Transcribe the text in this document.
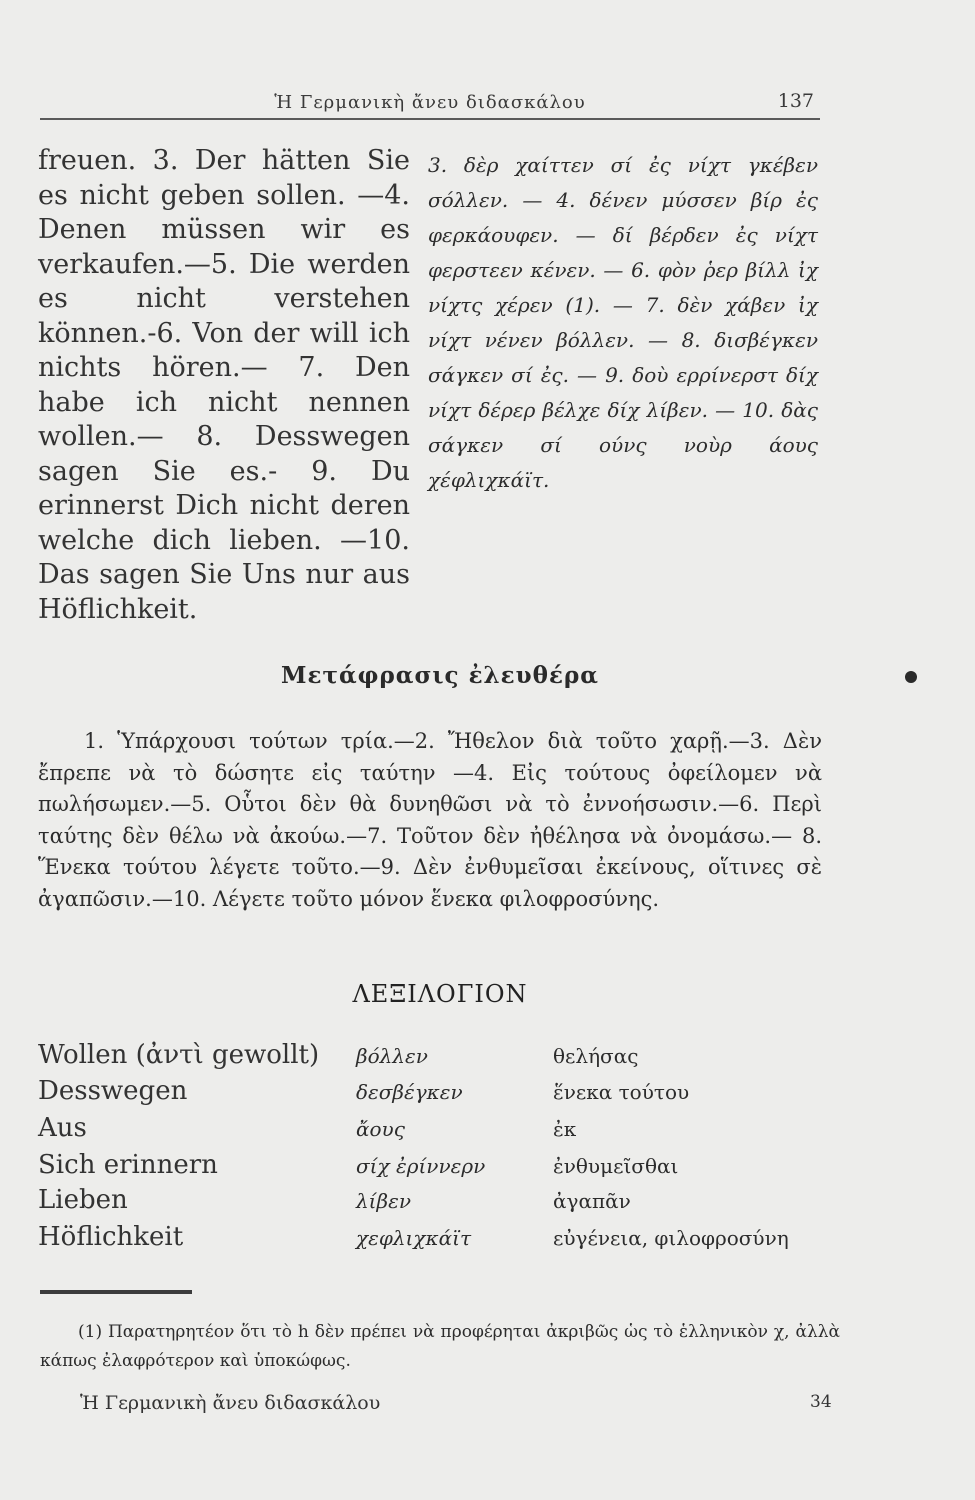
Ἡ Γερμανικὴ ἄνευ διδασκάλου	137

freuen. 3. Der hätten Sie es nicht geben sollen. —4. Denen müssen wir es verkaufen.—5. Die werden es nicht verstehen können.-6. Von der will ich nichts hören.— 7. Den habe ich nicht nennen wollen.— 8. Desswegen sagen Sie es.- 9. Du erinnerst Dich nicht deren welche dich lieben. —10. Das sagen Sie Uns nur aus Höflichkeit.

3. δὲρ χαίττεν σί ἐς νίχτ γκέβεν σόλλεν. — 4. δένεν μύσσεν βίρ ἐς φερκάουφεν. — δί βέρδεν ἐς νίχτ φερστεεν κένεν. — 6. φὸν ῥερ βίλλ ἰχ νίχτς χέρεν (1). — 7. δὲν χάβεν ἰχ νίχτ νένεν βόλλεν. — 8. δισβέγκεν σάγκεν σί ἐς. — 9. δοὺ ερρίνερστ δίχ νίχτ δέρερ βέλχε δίχ λίβεν. — 10. δὰς σάγκεν σί ούνς νοὺρ άους χέφλιχκάϊτ.

Μετάφρασις ἐλευθέρα

1. Ὑπάρχουσι τούτων τρία.—2. Ἤθελον διὰ τοῦτο χαρῇ.—3. Δὲν ἔπρεπε νὰ τὸ δώσητε εἰς ταύτην —4. Εἰς τούτους ὀφείλομεν νὰ πωλήσωμεν.—5. Οὗτοι δὲν θὰ δυνηθῶσι νὰ τὸ ἐννοήσωσιν.—6. Περὶ ταύτης δὲν θέλω νὰ ἀκούω.—7. Τοῦτον δὲν ἠθέλησα νὰ ὀνομάσω.— 8. Ἕνεκα τούτου λέγετε τοῦτο.—9. Δὲν ἐνθυμεῖσαι ἐκείνους, οἵτινες σὲ ἀγαπῶσιν.—10. Λέγετε τοῦτο μόνον ἕνεκα φιλοφροσύνης.

ΛΕΞΙΛΟΓΙΟΝ
Wollen (ἀντὶ gewollt)	βόλλεν	θελήσας
Desswegen	δεσβέγκεν	ἕνεκα τούτου
Aus	ἄους	ἐκ
Sich erinnern	σίχ ἐρίννερν	ἐνθυμεῖσθαι
Lieben	λίβεν	ἀγαπᾶν
Höflichkeit	χεφλιχκάϊτ	εὐγένεια, φιλοφροσύνη

(1) Παρατηρητέον ὅτι τὸ h δὲν πρέπει νὰ προφέρηται ἀκριβῶς ὡς τὸ ἑλληνικὸν χ, ἀλλὰ κάπως ἐλαφρότερον καὶ ὑποκώφως.

Ἡ Γερμανικὴ ἄνευ διδασκάλου	34
